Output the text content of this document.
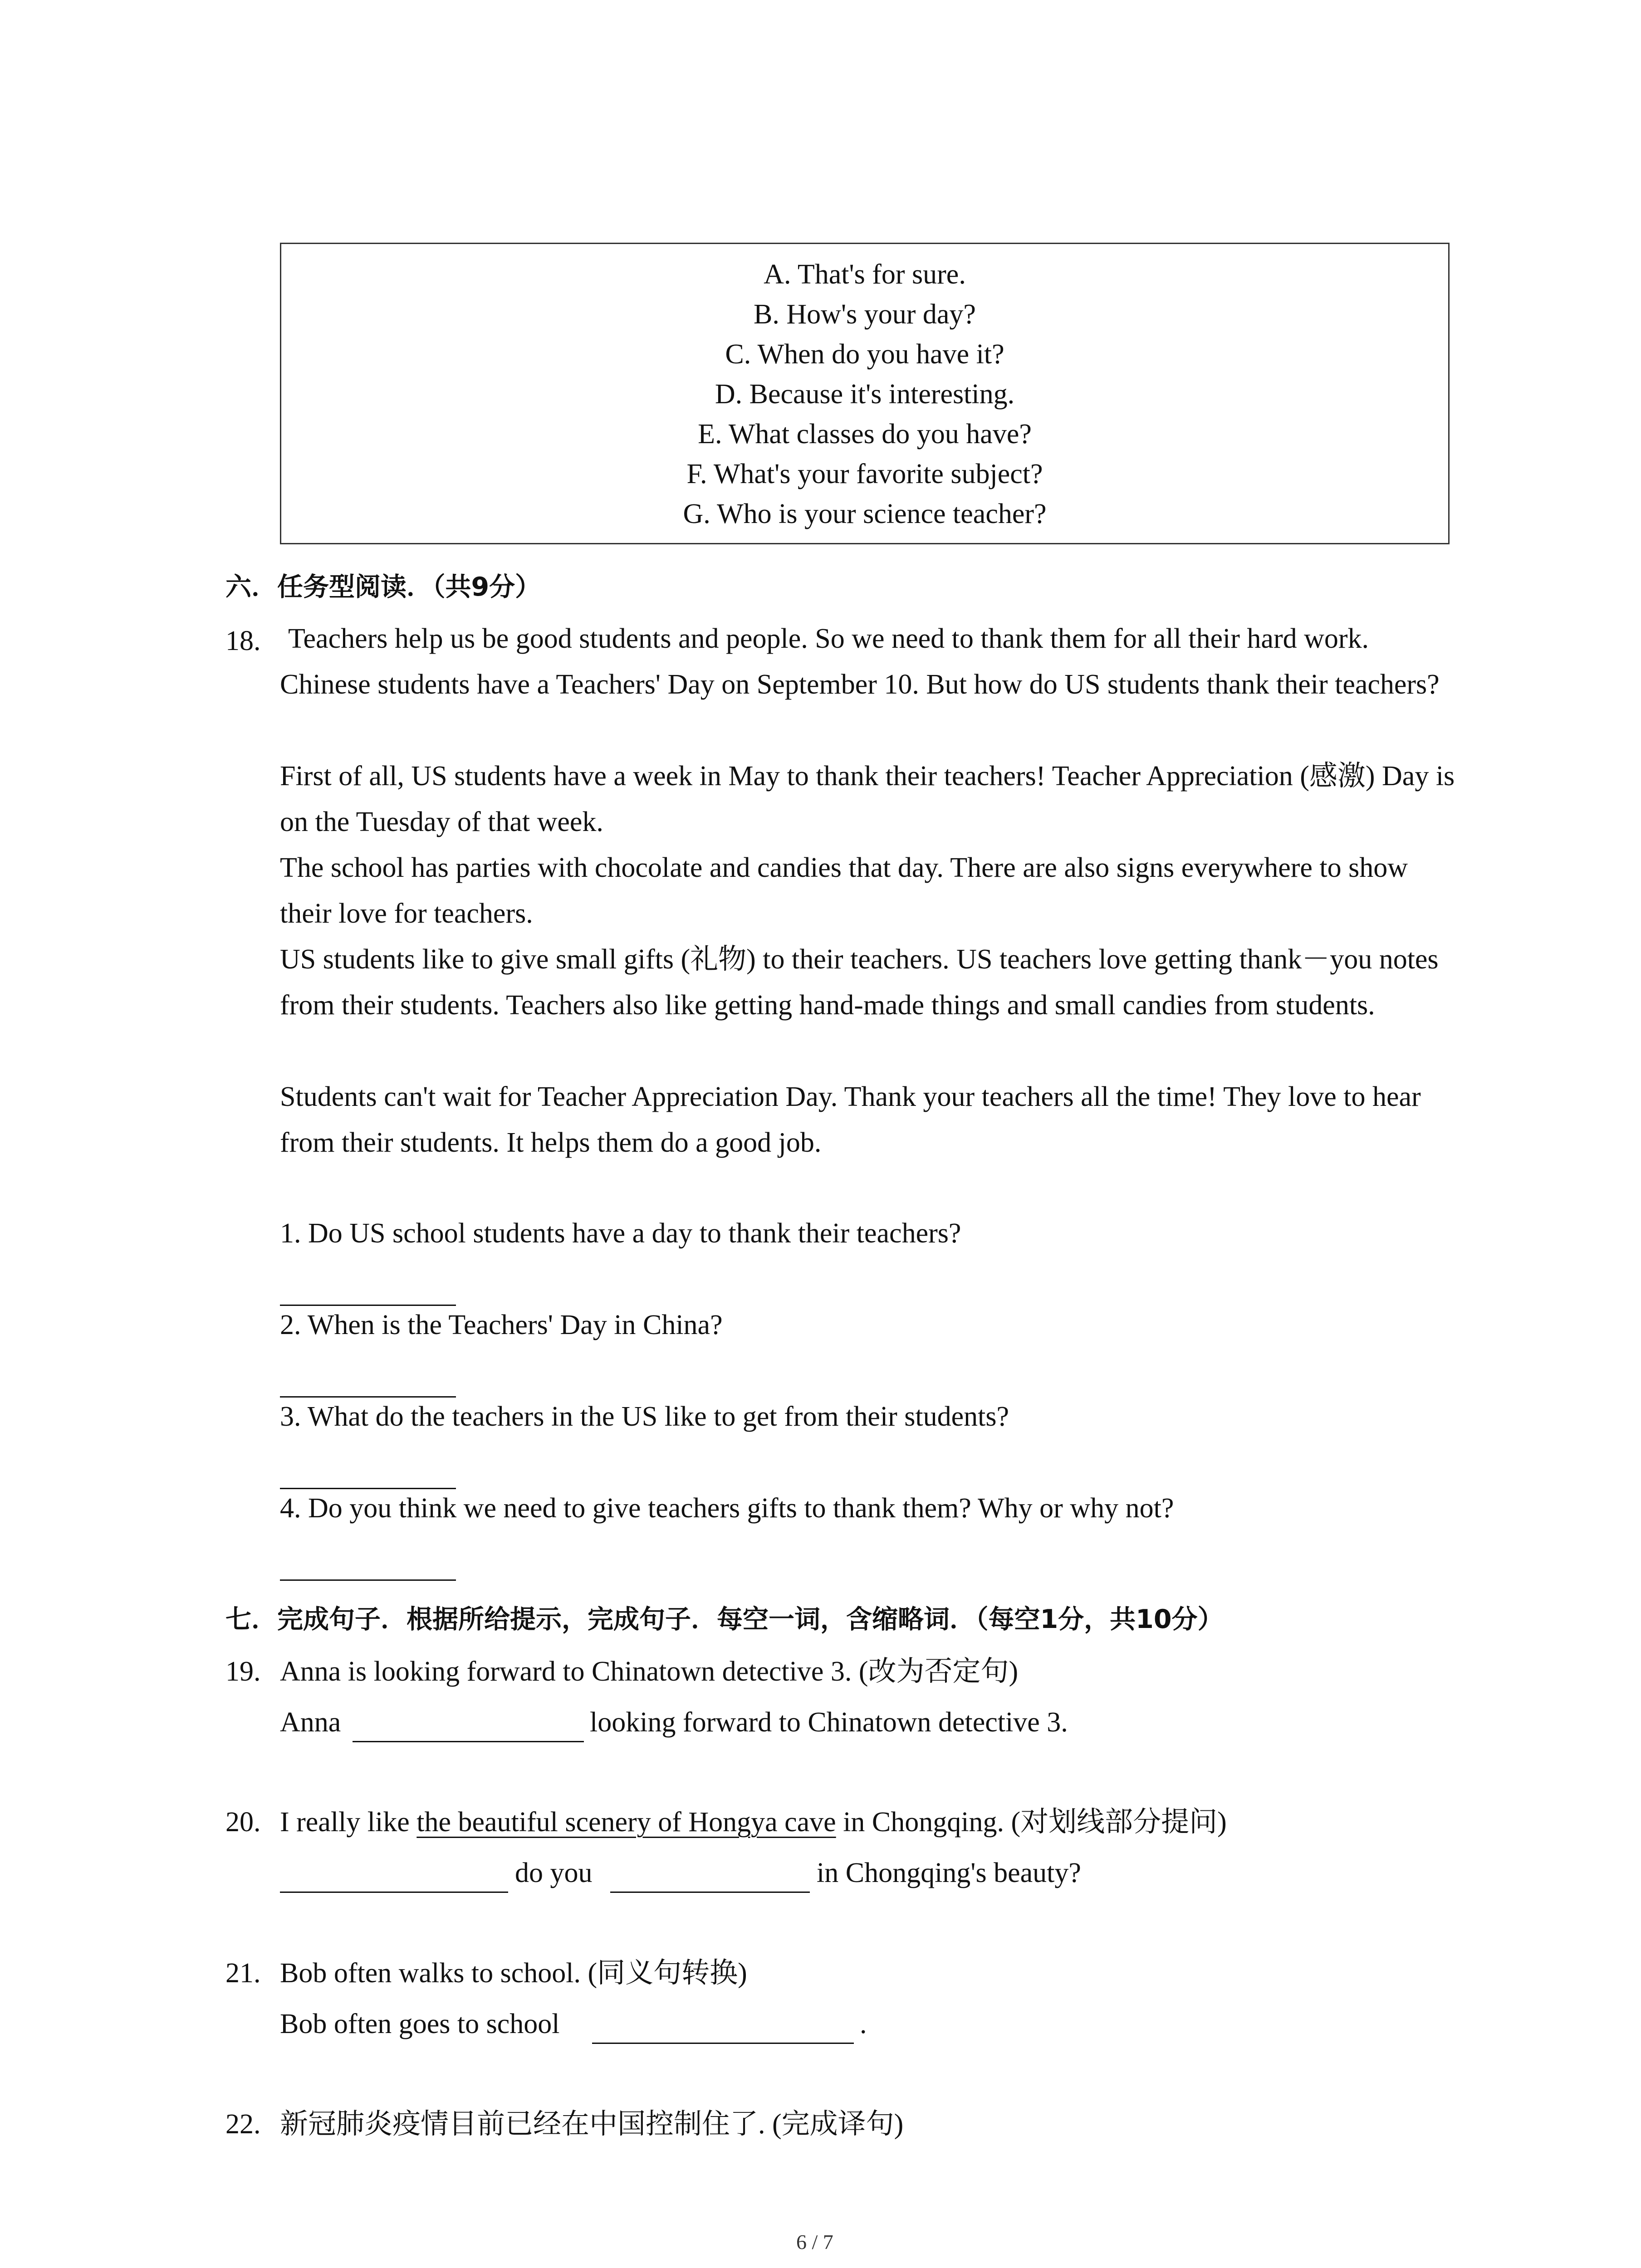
A. That's for sure.
B. How's your day?
C. When do you have it?
D. Because it's interesting.
E. What classes do you have?
F. What's your favorite subject?
G. Who is your science teacher?
六．任务型阅读．（共9分）
18. Teachers help us be good students and people. So we need to thank them for all their hard work. Chinese students have a Teachers' Day on September 10. But how do US students thank their teachers?
First of all, US students have a week in May to thank their teachers! Teacher Appreciation (感激) Day is on the Tuesday of that week.
The school has parties with chocolate and candies that day. There are also signs everywhere to show their love for teachers.
US students like to give small gifts (礼物) to their teachers. US teachers love getting thank－you notes from their students. Teachers also like getting hand-made things and small candies from students.
Students can't wait for Teacher Appreciation Day. Thank your teachers all the time! They love to hear from their students. It helps them do a good job.
1. Do US school students have a day to thank their teachers?
2. When is the Teachers' Day in China?
3. What do the teachers in the US like to get from their students?
4. Do you think we need to give teachers gifts to thank them? Why or why not?
七．完成句子．根据所给提示，完成句子．每空一词，含缩略词．（每空1分，共10分）
19. Anna is looking forward to Chinatown detective 3. (改为否定句)
Anna	looking forward to Chinatown detective 3.
20. I really like the beautiful scenery of Hongya cave in Chongqing. (对划线部分提问)
do you	in Chongqing's beauty?
21. Bob often walks to school. (同义句转换)
Bob often goes to school	.
22. 新冠肺炎疫情目前已经在中国控制住了. (完成译句)
6 / 7
